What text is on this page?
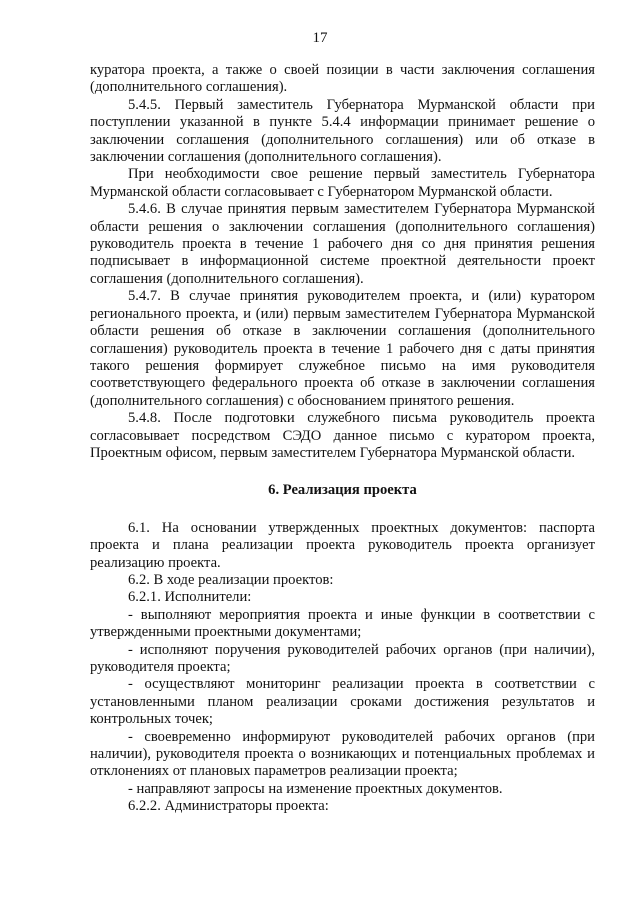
17

куратора проекта, а также о своей позиции в части заключения соглашения (дополнительного соглашения).

5.4.5. Первый заместитель Губернатора Мурманской области при поступлении указанной в пункте 5.4.4 информации принимает решение о заключении соглашения (дополнительного соглашения) или об отказе в заключении соглашения (дополнительного соглашения).

При необходимости свое решение первый заместитель Губернатора Мурманской области согласовывает с Губернатором Мурманской области.

5.4.6. В случае принятия первым заместителем Губернатора Мурманской области решения о заключении соглашения (дополнительного соглашения) руководитель проекта в течение 1 рабочего дня со дня принятия решения подписывает в информационной системе проектной деятельности проект соглашения (дополнительного соглашения).

5.4.7. В случае принятия руководителем проекта, и (или) куратором регионального проекта, и (или) первым заместителем Губернатора Мурманской области решения об отказе в заключении соглашения (дополнительного соглашения) руководитель проекта в течение 1 рабочего дня с даты принятия такого решения формирует служебное письмо на имя руководителя соответствующего федерального проекта об отказе в заключении соглашения (дополнительного соглашения) с обоснованием принятого решения.

5.4.8. После подготовки служебного письма руководитель проекта согласовывает посредством СЭДО данное письмо с куратором проекта, Проектным офисом, первым заместителем Губернатора Мурманской области.

6. Реализация проекта

6.1. На основании утвержденных проектных документов: паспорта проекта и плана реализации проекта руководитель проекта организует реализацию проекта.

6.2. В ходе реализации проектов:

6.2.1. Исполнители:

- выполняют мероприятия проекта и иные функции в соответствии с утвержденными проектными документами;

- исполняют поручения руководителей рабочих органов (при наличии), руководителя проекта;

- осуществляют мониторинг реализации проекта в соответствии с установленными планом реализации сроками достижения результатов и контрольных точек;

- своевременно информируют руководителей рабочих органов (при наличии), руководителя проекта о возникающих и потенциальных проблемах и отклонениях от плановых параметров реализации проекта;

- направляют запросы на изменение проектных документов.

6.2.2. Администраторы проекта:
